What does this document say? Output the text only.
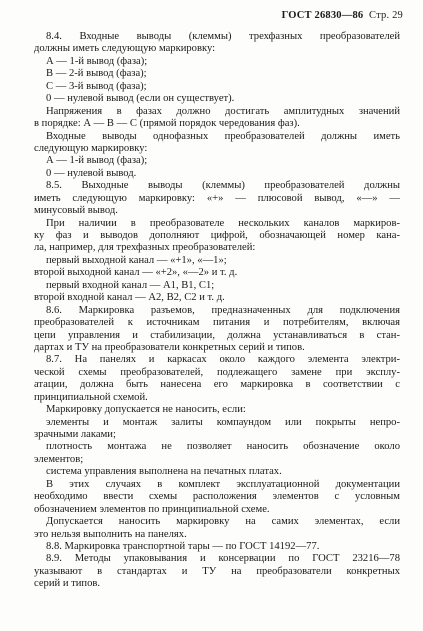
ГОСТ 26830—86 Стр. 29
8.4. Входные выводы (клеммы) трехфазных преобразователей
должны иметь следующую маркировку:
А — 1-й вывод (фаза);
В — 2-й вывод (фаза);
С — 3-й вывод (фаза);
0 — нулевой вывод (если он существует).
Напряжения в фазах должно достигать амплитудных значений
в порядке: А — В — С (прямой порядок чередования фаз).
Входные выводы однофазных преобразователей должны иметь
следующую маркировку:
А — 1-й вывод (фаза);
0 — нулевой вывод.
8.5. Выходные выводы (клеммы) преобразователей должны
иметь следующую маркировку: «+» — плюсовой вывод, «—» —
минусовый вывод.
При наличии в преобразователе нескольких каналов маркиров-
ку фаз и выводов дополняют цифрой, обозначающей номер кана-
ла, например, для трехфазных преобразователей:
первый выходной канал — «+1», «—1»;
второй выходной канал — «+2», «—2» и т. д.
первый входной канал — А1, В1, С1;
второй входной канал — А2, В2, С2 и т. д.
8.6. Маркировка разъемов, предназначенных для подключения
преобразователей к источникам питания и потребителям, включая
цепи управления и стабилизации, должна устанавливаться в стан-
дартах и ТУ на преобразователи конкретных серий и типов.
8.7. На панелях и каркасах около каждого элемента электри-
ческой схемы преобразователей, подлежащего замене при эксплу-
атации, должна быть нанесена его маркировка в соответствии с
принципиальной схемой.
Маркировку допускается не наносить, если:
элементы и монтаж залиты компаундом или покрыты непро-
зрачными лаками;
плотность монтажа не позволяет наносить обозначение около
элементов;
система управления выполнена на печатных платах.
В этих случаях в комплект эксплуатационной документации
необходимо ввести схемы расположения элементов с условным
обозначением элементов по принципиальной схеме.
Допускается наносить маркировку на самих элементах, если
это нельзя выполнить на панелях.
8.8. Маркировка транспортной тары — по ГОСТ 14192—77.
8.9. Методы упаковывания и консервации по ГОСТ 23216—78
указывают в стандартах и ТУ на преобразователи конкретных
серий и типов.
